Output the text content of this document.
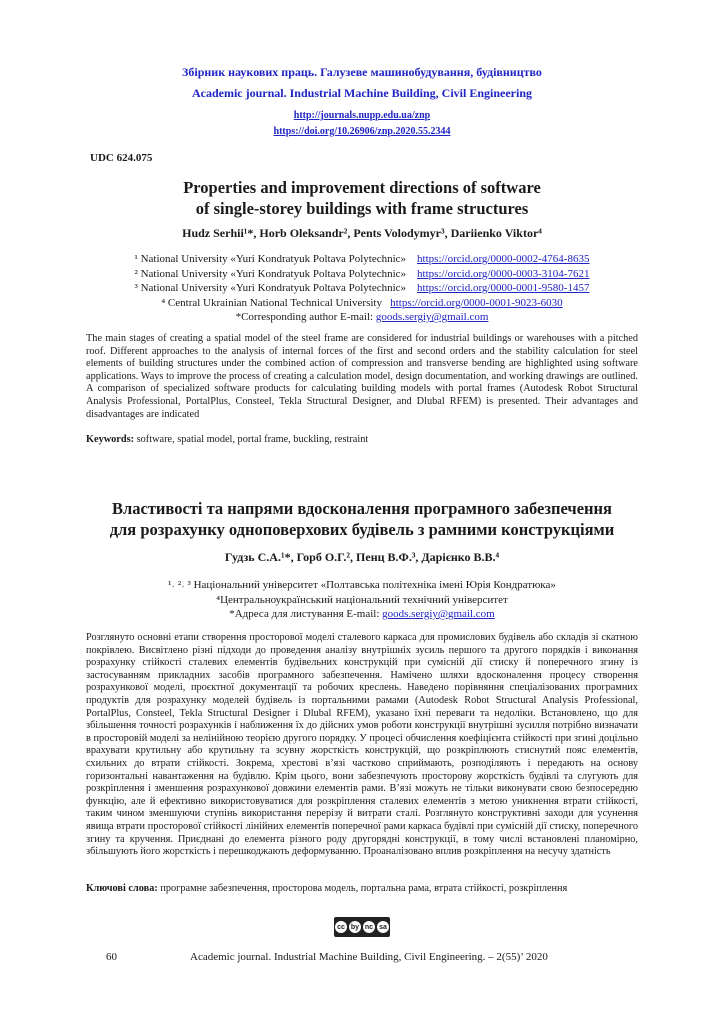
Збірник наукових праць. Галузеве машинобудування, будівництво
Academic journal. Industrial Machine Building, Civil Engineering
http://journals.nupp.edu.ua/znp
https://doi.org/10.26906/znp.2020.55.2344
UDC 624.075
Properties and improvement directions of software
of single-storey buildings with frame structures
Hudz Serhii¹*, Horb Oleksandr², Pents Volodymyr³, Dariienko Viktor⁴
¹ National University «Yuri Kondratyuk Poltava Polytechnic» https://orcid.org/0000-0002-4764-8635
² National University «Yuri Kondratyuk Poltava Polytechnic» https://orcid.org/0000-0003-3104-7621
³ National University «Yuri Kondratyuk Poltava Polytechnic» https://orcid.org/0000-0001-9580-1457
⁴ Central Ukrainian National Technical University https://orcid.org/0000-0001-9023-6030
*Corresponding author E-mail: goods.sergiy@gmail.com
The main stages of creating a spatial model of the steel frame are considered for industrial buildings or warehouses with a pitched roof. Different approaches to the analysis of internal forces of the first and second orders and the stability calculation for steel elements of building structures under the combined action of compression and transverse bending are highlighted using software applications. Ways to improve the process of creating a calculation model, design documentation, and working drawings are outlined. A comparison of specialized software products for calculating building models with portal frames (Autodesk Robot Structural Analysis Professional, PortalPlus, Consteel, Tekla Structural Designer, and Dlubal RFEM) is presented. Their advantages and disadvantages are indicated
Keywords: software, spatial model, portal frame, buckling, restraint
Властивості та напрями вдосконалення програмного забезпечення
для розрахунку одноповерхових будівель з рамними конструкціями
Гудзь С.А.¹*, Горб О.Г.², Пенц В.Ф.³, Дарієнко В.В.⁴
¹˒ ²˒ ³ Національний університет «Полтавська політехніка імені Юрія Кондратюка»
⁴Центральноукраїнський національний технічний університет
*Адреса для листування E-mail: goods.sergiy@gmail.com
Розглянуто основні етапи створення просторової моделі сталевого каркаса для промислових будівель або складів зі скатною покрівлею. Висвітлено різні підходи до проведення аналізу внутрішніх зусиль першого та другого порядків і виконання розрахунку стійкості сталевих елементів будівельних конструкцій при сумісній дії стиску й поперечного згину із застосуванням прикладних засобів програмного забезпечення. Намічено шляхи вдосконалення процесу створення розрахункової моделі, проєктної документації та робочих креслень. Наведено порівняння спеціалізованих програмних продуктів для розрахунку моделей будівель із портальними рамами (Autodesk Robot Structural Analysis Professional, PortalPlus, Consteel, Tekla Structural Designer і Dlubal RFEM), указано їхні переваги та недоліки. Встановлено, що для збільшення точності розрахунків і наближення їх до дійсних умов роботи конструкції внутрішні зусилля потрібно визначати в просторовій моделі за нелінійною теорією другого порядку. У процесі обчислення коефіцієнта стійкості при згині доцільно врахувати крутильну або крутильну та зсувну жорсткість конструкцій, що розкріплюють стиснутий пояс елементів, схильних до втрати стійкості. Зокрема, хрестові в’язі частково сприймають, розподіляють і передають на основу горизонтальні навантаження на будівлю. Крім цього, вони забезпечують просторову жорсткість будівлі та слугують для розкріплення і зменшення розрахункової довжини елементів рами. В’язі можуть не тільки виконувати свою безпосередню функцію, але й ефективно використовуватися для розкріплення сталевих елементів з метою уникнення втрати стійкості, таким чином зменшуючи ступінь використання перерізу й витрати сталі. Розглянуто конструктивні заходи для усунення явища втрати просторової стійкості лінійних елементів поперечної рами каркаса будівлі при сумісній дії стиску, поперечного згину та кручення. Приєднані до елемента різного роду другорядні конструкції, в тому числі встановлені планомірно, збільшують його жорсткість і перешкоджають деформуванню. Проаналізовано вплив розкріплення на несучу здатність
Ключові слова: програмне забезпечення, просторова модель, портальна рама, втрата стійкості, розкріплення
cc by nc sa
60	Academic journal. Industrial Machine Building, Civil Engineering. – 2(55)’ 2020
